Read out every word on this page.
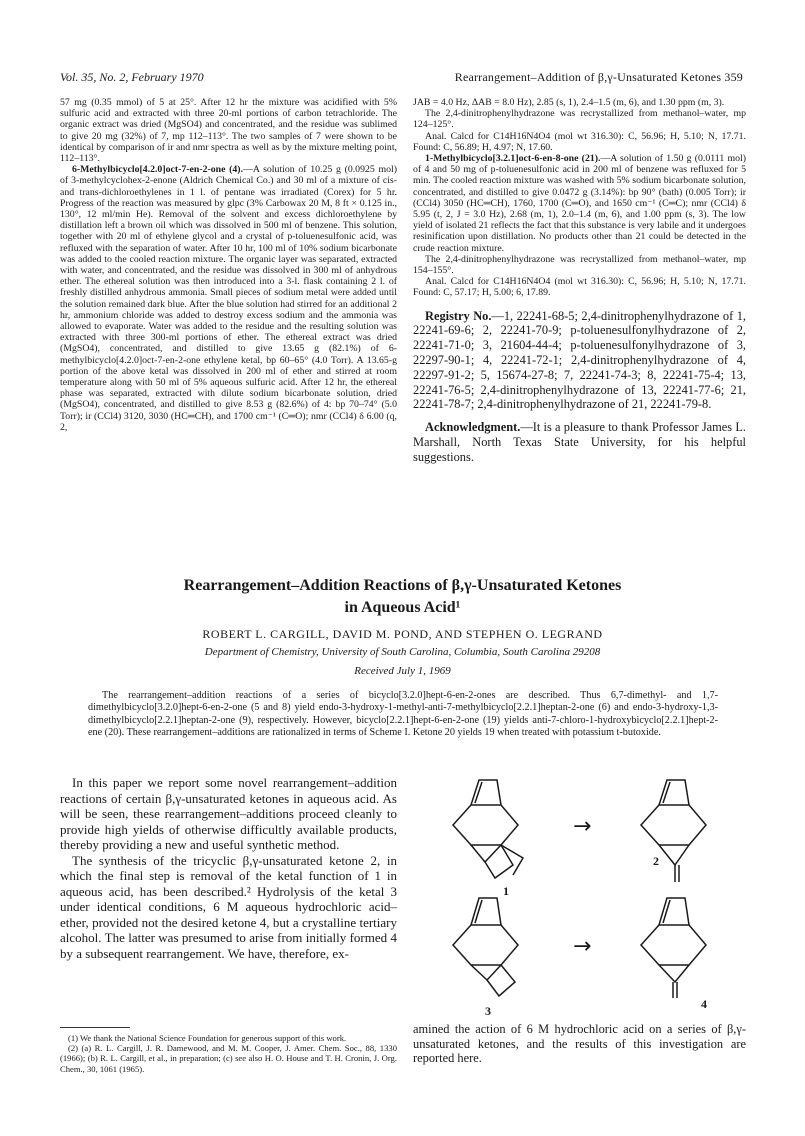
Vol. 35, No. 2, February 1970	Rearrangement–Addition of β,γ-Unsaturated Ketones 359

57 mg (0.35 mmol) of 5 at 25°. After 12 hr the mixture was acidified with 5% sulfuric acid and extracted with three 20-ml portions of carbon tetrachloride. The organic extract was dried (MgSO4) and concentrated, and the residue was sublimed to give 20 mg (32%) of 7, mp 112–113°. The two samples of 7 were shown to be identical by comparison of ir and nmr spectra as well as by the mixture melting point, 112–113°.

6-Methylbicyclo[4.2.0]oct-7-en-2-one (4).—A solution of 10.25 g (0.0925 mol) of 3-methylcyclohex-2-enone (Aldrich Chemical Co.) and 30 ml of a mixture of cis- and trans-dichloroethylenes in 1 l. of pentane was irradiated (Corex) for 5 hr. Progress of the reaction was measured by glpc (3% Carbowax 20 M, 8 ft × 0.125 in., 130°, 12 ml/min He). Removal of the solvent and excess dichloroethylene by distillation left a brown oil which was dissolved in 500 ml of benzene. This solution, together with 20 ml of ethylene glycol and a crystal of p-toluenesulfonic acid, was refluxed with the separation of water. After 10 hr, 100 ml of 10% sodium bicarbonate was added to the cooled reaction mixture. The organic layer was separated, extracted with water, and concentrated, and the residue was dissolved in 300 ml of anhydrous ether. The ethereal solution was then introduced into a 3-l. flask containing 2 l. of freshly distilled anhydrous ammonia. Small pieces of sodium metal were added until the solution remained dark blue. After the blue solution had stirred for an additional 2 hr, ammonium chloride was added to destroy excess sodium and the ammonia was allowed to evaporate. Water was added to the residue and the resulting solution was extracted with three 300-ml portions of ether. The ethereal extract was dried (MgSO4), concentrated, and distilled to give 13.65 g (82.1%) of 6-methylbicyclo[4.2.0]oct-7-en-2-one ethylene ketal, bp 60–65° (4.0 Torr). A 13.65-g portion of the above ketal was dissolved in 200 ml of ether and stirred at room temperature along with 50 ml of 5% aqueous sulfuric acid. After 12 hr, the ethereal phase was separated, extracted with dilute sodium bicarbonate solution, dried (MgSO4), concentrated, and distilled to give 8.53 g (82.6%) of 4: bp 70–74° (5.0 Torr); ir (CCl4) 3120, 3030 (HC═CH), and 1700 cm⁻¹ (C═O); nmr (CCl4) δ 6.00 (q, 2,

JAB = 4.0 Hz, ΔAB = 8.0 Hz), 2.85 (s, 1), 2.4–1.5 (m, 6), and 1.30 ppm (m, 3).

The 2,4-dinitrophenylhydrazone was recrystallized from methanol–water, mp 124–125°.

Anal. Calcd for C14H16N4O4 (mol wt 316.30): C, 56.96; H, 5.10; N, 17.71. Found: C, 56.89; H, 4.97; N, 17.60.

1-Methylbicyclo[3.2.1]oct-6-en-8-one (21).—A solution of 1.50 g (0.0111 mol) of 4 and 50 mg of p-toluenesulfonic acid in 200 ml of benzene was refluxed for 5 min. The cooled reaction mixture was washed with 5% sodium bicarbonate solution, concentrated, and distilled to give 0.0472 g (3.14%): bp 90° (bath) (0.005 Torr); ir (CCl4) 3050 (HC═CH), 1760, 1700 (C═O), and 1650 cm⁻¹ (C═C); nmr (CCl4) δ 5.95 (t, 2, J = 3.0 Hz), 2.68 (m, 1), 2.0–1.4 (m, 6), and 1.00 ppm (s, 3). The low yield of isolated 21 reflects the fact that this substance is very labile and it undergoes resinification upon distillation. No products other than 21 could be detected in the crude reaction mixture.

The 2,4-dinitrophenylhydrazone was recrystallized from methanol–water, mp 154–155°.

Anal. Calcd for C14H16N4O4 (mol wt 316.30): C, 56.96; H, 5.10; N, 17.71. Found: C, 57.17; H, 5.00; 6, 17.89.

Registry No.—1, 22241-68-5; 2,4-dinitrophenylhydrazone of 1, 22241-69-6; 2, 22241-70-9; p-toluenesulfonylhydrazone of 2, 22241-71-0; 3, 21604-44-4; p-toluenesulfonylhydrazone of 3, 22297-90-1; 4, 22241-72-1; 2,4-dinitrophenylhydrazone of 4, 22297-91-2; 5, 15674-27-8; 7, 22241-74-3; 8, 22241-75-4; 13, 22241-76-5; 2,4-dinitrophenylhydrazone of 13, 22241-77-6; 21, 22241-78-7; 2,4-dinitrophenylhydrazone of 21, 22241-79-8.
Acknowledgment.—It is a pleasure to thank Professor James L. Marshall, North Texas State University, for his helpful suggestions.
Rearrangement–Addition Reactions of β,γ-Unsaturated Ketones
in Aqueous Acid¹
ROBERT L. CARGILL, DAVID M. POND, AND STEPHEN O. LEGRAND
Department of Chemistry, University of South Carolina, Columbia, South Carolina 29208
Received July 1, 1969
The rearrangement–addition reactions of a series of bicyclo[3.2.0]hept-6-en-2-ones are described. Thus 6,7-dimethyl- and 1,7-dimethylbicyclo[3.2.0]hept-6-en-2-one (5 and 8) yield endo-3-hydroxy-1-methyl-anti-7-methylbicyclo[2.2.1]heptan-2-one (6) and endo-3-hydroxy-1,3-dimethylbicyclo[2.2.1]heptan-2-one (9), respectively. However, bicyclo[2.2.1]hept-6-en-2-one (19) yields anti-7-chloro-1-hydroxybicyclo[2.2.1]hept-2-ene (20). These rearrangement–additions are rationalized in terms of Scheme I. Ketone 20 yields 19 when treated with potassium t-butoxide.

In this paper we report some novel rearrangement–addition reactions of certain β,γ-unsaturated ketones in aqueous acid. As will be seen, these rearrangement–additions proceed cleanly to provide high yields of otherwise difficultly available products, thereby providing a new and useful synthetic method.

The synthesis of the tricyclic β,γ-unsaturated ketone 2, in which the final step is removal of the ketal function of 1 in aqueous acid, has been described.² Hydrolysis of the ketal 3 under identical conditions, 6 M aqueous hydrochloric acid–ether, provided not the desired ketone 4, but a crystalline tertiary alcohol. The latter was presumed to arise from initially formed 4 by a subsequent rearrangement. We have, therefore, ex-

(1) We thank the National Science Foundation for generous support of this work.

(2) (a) R. L. Cargill, J. R. Damewood, and M. M. Cooper, J. Amer. Chem. Soc., 88, 1330 (1966); (b) R. L. Cargill, et al., in preparation; (c) see also H. O. House and T. H. Cronin, J. Org. Chem., 30, 1061 (1965).

→
→
1
2
3	4
amined the action of 6 M hydrochloric acid on a series of β,γ-unsaturated ketones, and the results of this investigation are reported here.
